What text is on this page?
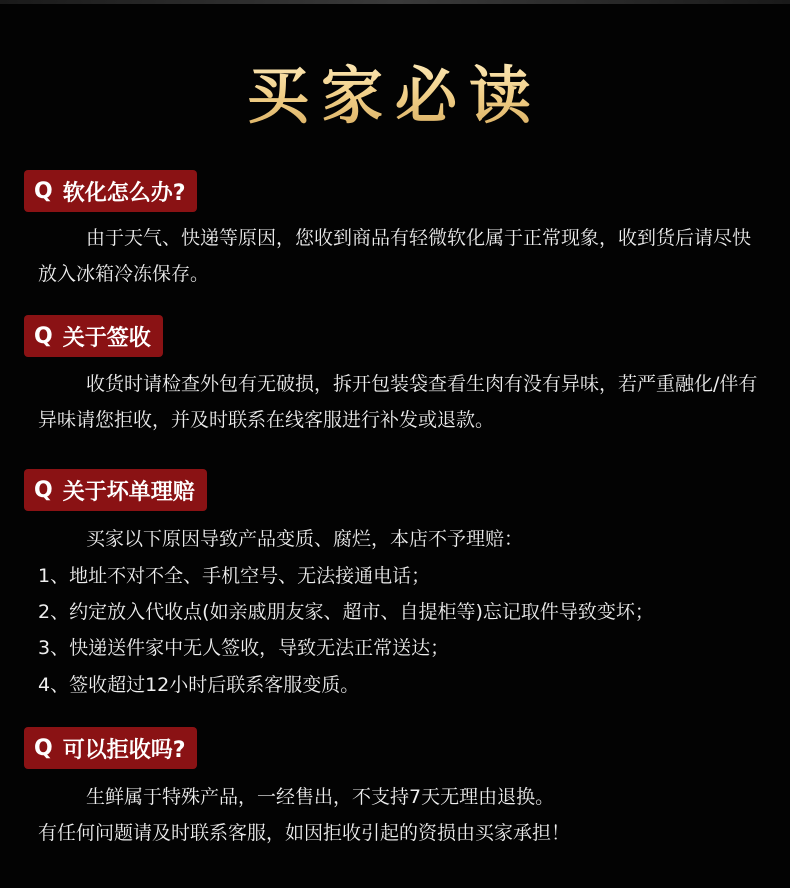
买家必读
Q 软化怎么办?

由于天气、快递等原因，您收到商品有轻微软化属于正常现象，收到货后请尽快放入冰箱冷冻保存。

Q 关于签收

收货时请检查外包有无破损，拆开包装袋查看生肉有没有异味，若严重融化/伴有异味请您拒收，并及时联系在线客服进行补发或退款。

Q 关于坏单理赔
买家以下原因导致产品变质、腐烂，本店不予理赔：
1、地址不对不全、手机空号、无法接通电话；
2、约定放入代收点(如亲戚朋友家、超市、自提柜等)忘记取件导致变坏；
3、快递送件家中无人签收，导致无法正常送达；
4、签收超过12小时后联系客服变质。
Q 可以拒收吗?
生鲜属于特殊产品，一经售出，不支持7天无理由退换。
有任何问题请及时联系客服，如因拒收引起的资损由买家承担！
